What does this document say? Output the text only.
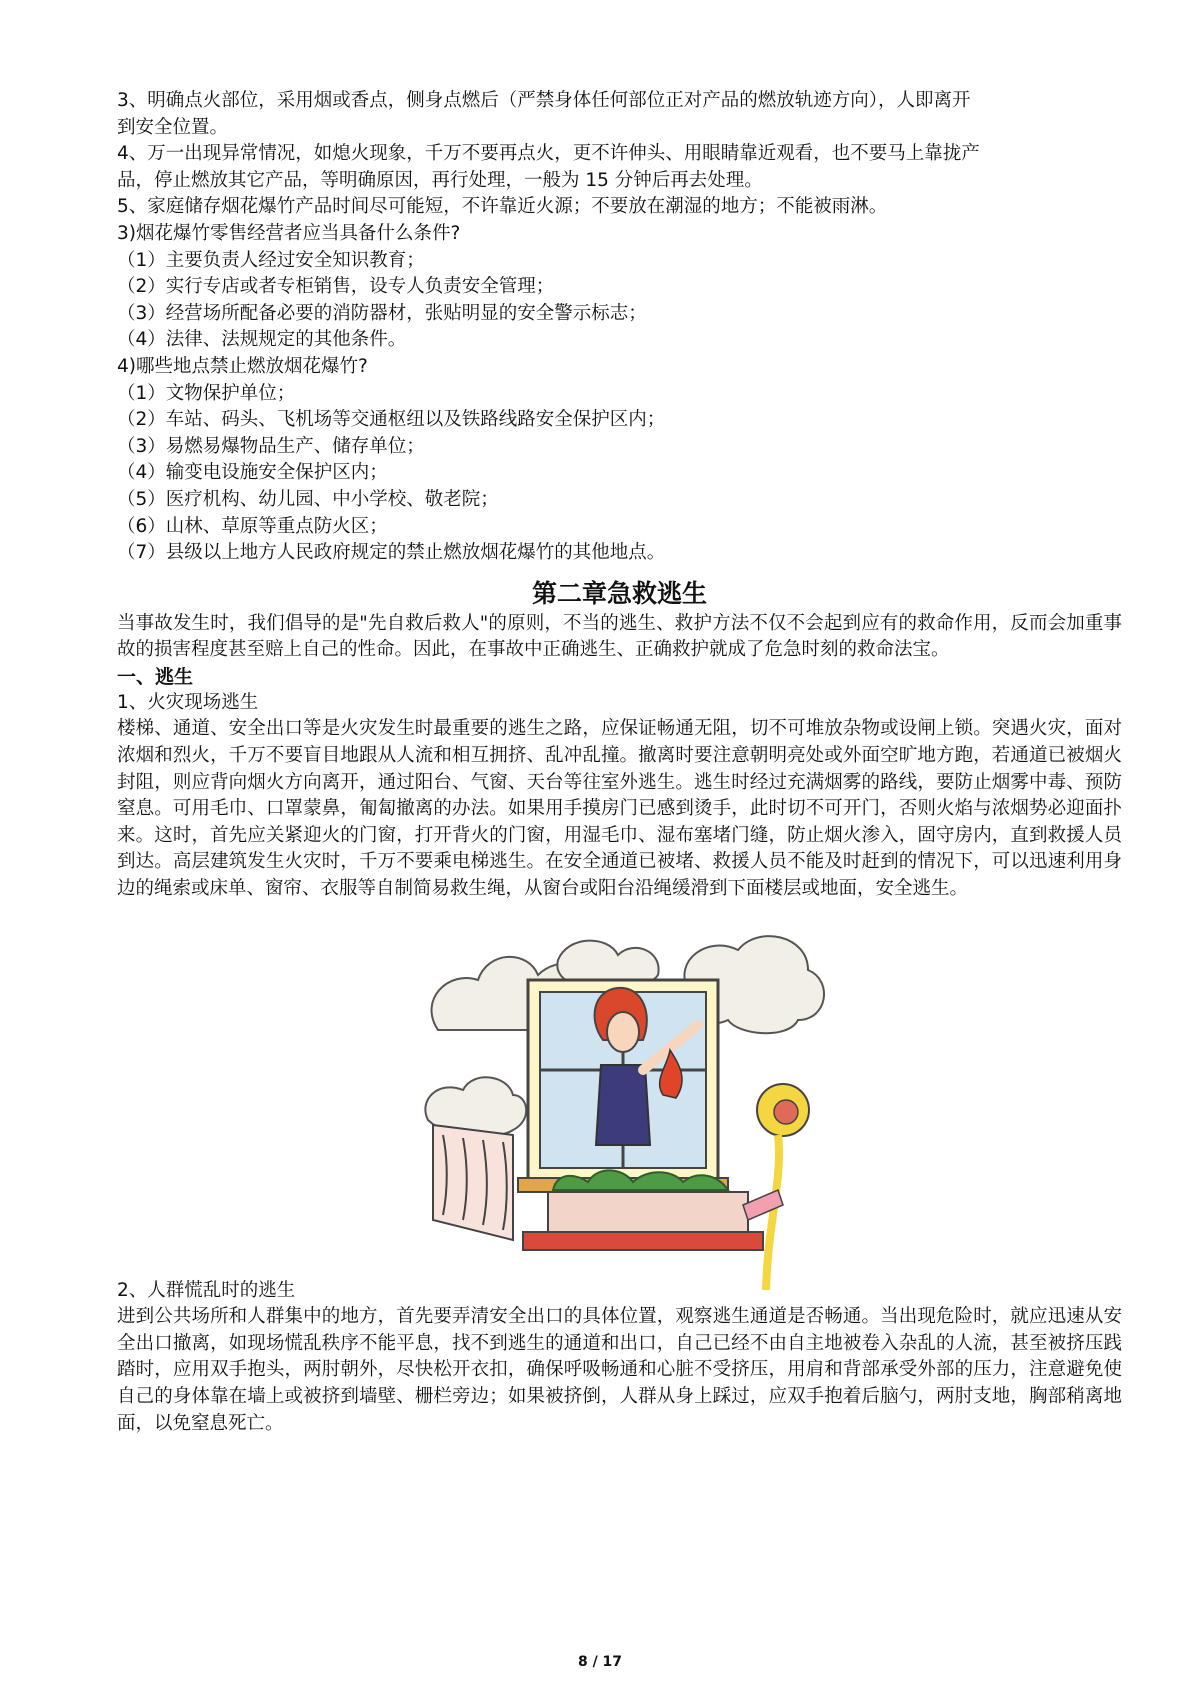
3、明确点火部位，采用烟或香点，侧身点燃后（严禁身体任何部位正对产品的燃放轨迹方向），人即离开

到安全位置。

4、万一出现异常情况，如熄火现象，千万不要再点火，更不许伸头、用眼睛靠近观看，也不要马上靠拢产

品，停止燃放其它产品，等明确原因，再行处理，一般为 15 分钟后再去处理。

5、家庭储存烟花爆竹产品时间尽可能短，不许靠近火源；不要放在潮湿的地方；不能被雨淋。

3)烟花爆竹零售经营者应当具备什么条件?

（1）主要负责人经过安全知识教育；

（2）实行专店或者专柜销售，设专人负责安全管理；

（3）经营场所配备必要的消防器材，张贴明显的安全警示标志；

（4）法律、法规规定的其他条件。

4)哪些地点禁止燃放烟花爆竹?

（1）文物保护单位；

（2）车站、码头、飞机场等交通枢纽以及铁路线路安全保护区内；

（3）易燃易爆物品生产、储存单位；

（4）输变电设施安全保护区内；

（5）医疗机构、幼儿园、中小学校、敬老院；

（6）山林、草原等重点防火区；

（7）县级以上地方人民政府规定的禁止燃放烟花爆竹的其他地点。

第二章急救逃生

当事故发生时，我们倡导的是"先自救后救人"的原则，不当的逃生、救护方法不仅不会起到应有的救命作用，反而会加重事故的损害程度甚至赔上自己的性命。因此，在事故中正确逃生、正确救护就成了危急时刻的救命法宝。

一、逃生

1、火灾现场逃生

楼梯、通道、安全出口等是火灾发生时最重要的逃生之路，应保证畅通无阻，切不可堆放杂物或设闸上锁。突遇火灾，面对浓烟和烈火，千万不要盲目地跟从人流和相互拥挤、乱冲乱撞。撤离时要注意朝明亮处或外面空旷地方跑，若通道已被烟火封阻，则应背向烟火方向离开，通过阳台、气窗、天台等往室外逃生。逃生时经过充满烟雾的路线，要防止烟雾中毒、预防窒息。可用毛巾、口罩蒙鼻，匍匐撤离的办法。如果用手摸房门已感到烫手，此时切不可开门，否则火焰与浓烟势必迎面扑来。这时，首先应关紧迎火的门窗，打开背火的门窗，用湿毛巾、湿布塞堵门缝，防止烟火渗入，固守房内，直到救援人员到达。高层建筑发生火灾时，千万不要乘电梯逃生。在安全通道已被堵、救援人员不能及时赶到的情况下，可以迅速利用身边的绳索或床单、窗帘、衣服等自制简易救生绳，从窗台或阳台沿绳缓滑到下面楼层或地面，安全逃生。

2、人群慌乱时的逃生

进到公共场所和人群集中的地方，首先要弄清安全出口的具体位置，观察逃生通道是否畅通。当出现危险时，就应迅速从安全出口撤离，如现场慌乱秩序不能平息，找不到逃生的通道和出口，自己已经不由自主地被卷入杂乱的人流，甚至被挤压践踏时，应用双手抱头，两肘朝外，尽快松开衣扣，确保呼吸畅通和心脏不受挤压，用肩和背部承受外部的压力，注意避免使自己的身体靠在墙上或被挤到墙壁、栅栏旁边；如果被挤倒，人群从身上踩过，应双手抱着后脑勺，两肘支地，胸部稍离地面，以免窒息死亡。

8 / 17
